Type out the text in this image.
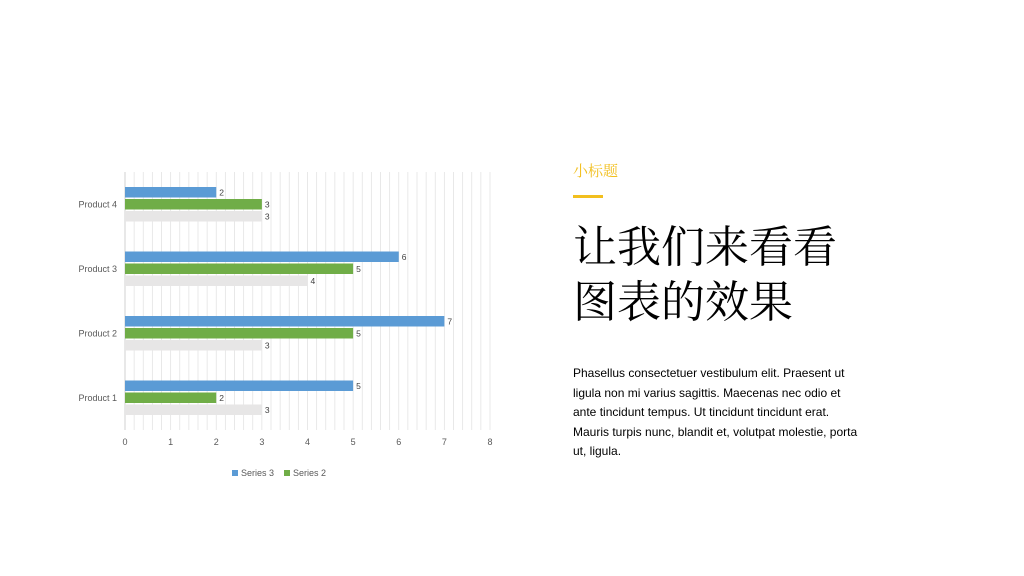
0	1	2	3	4	5	6	7	8
Product 1
5
2
3
Product 2
7
5
3
Product 3
6
5
4
Product 4
2
3
3
Series 3 Series 2
小标题
让我们来看看
图表的效果
Phasellus consectetuer vestibulum elit. Praesent ut ligula non mi varius sagittis. Maecenas nec odio et ante tincidunt tempus. Ut tincidunt tincidunt erat. Mauris turpis nunc, blandit et, volutpat molestie, porta ut, ligula.
